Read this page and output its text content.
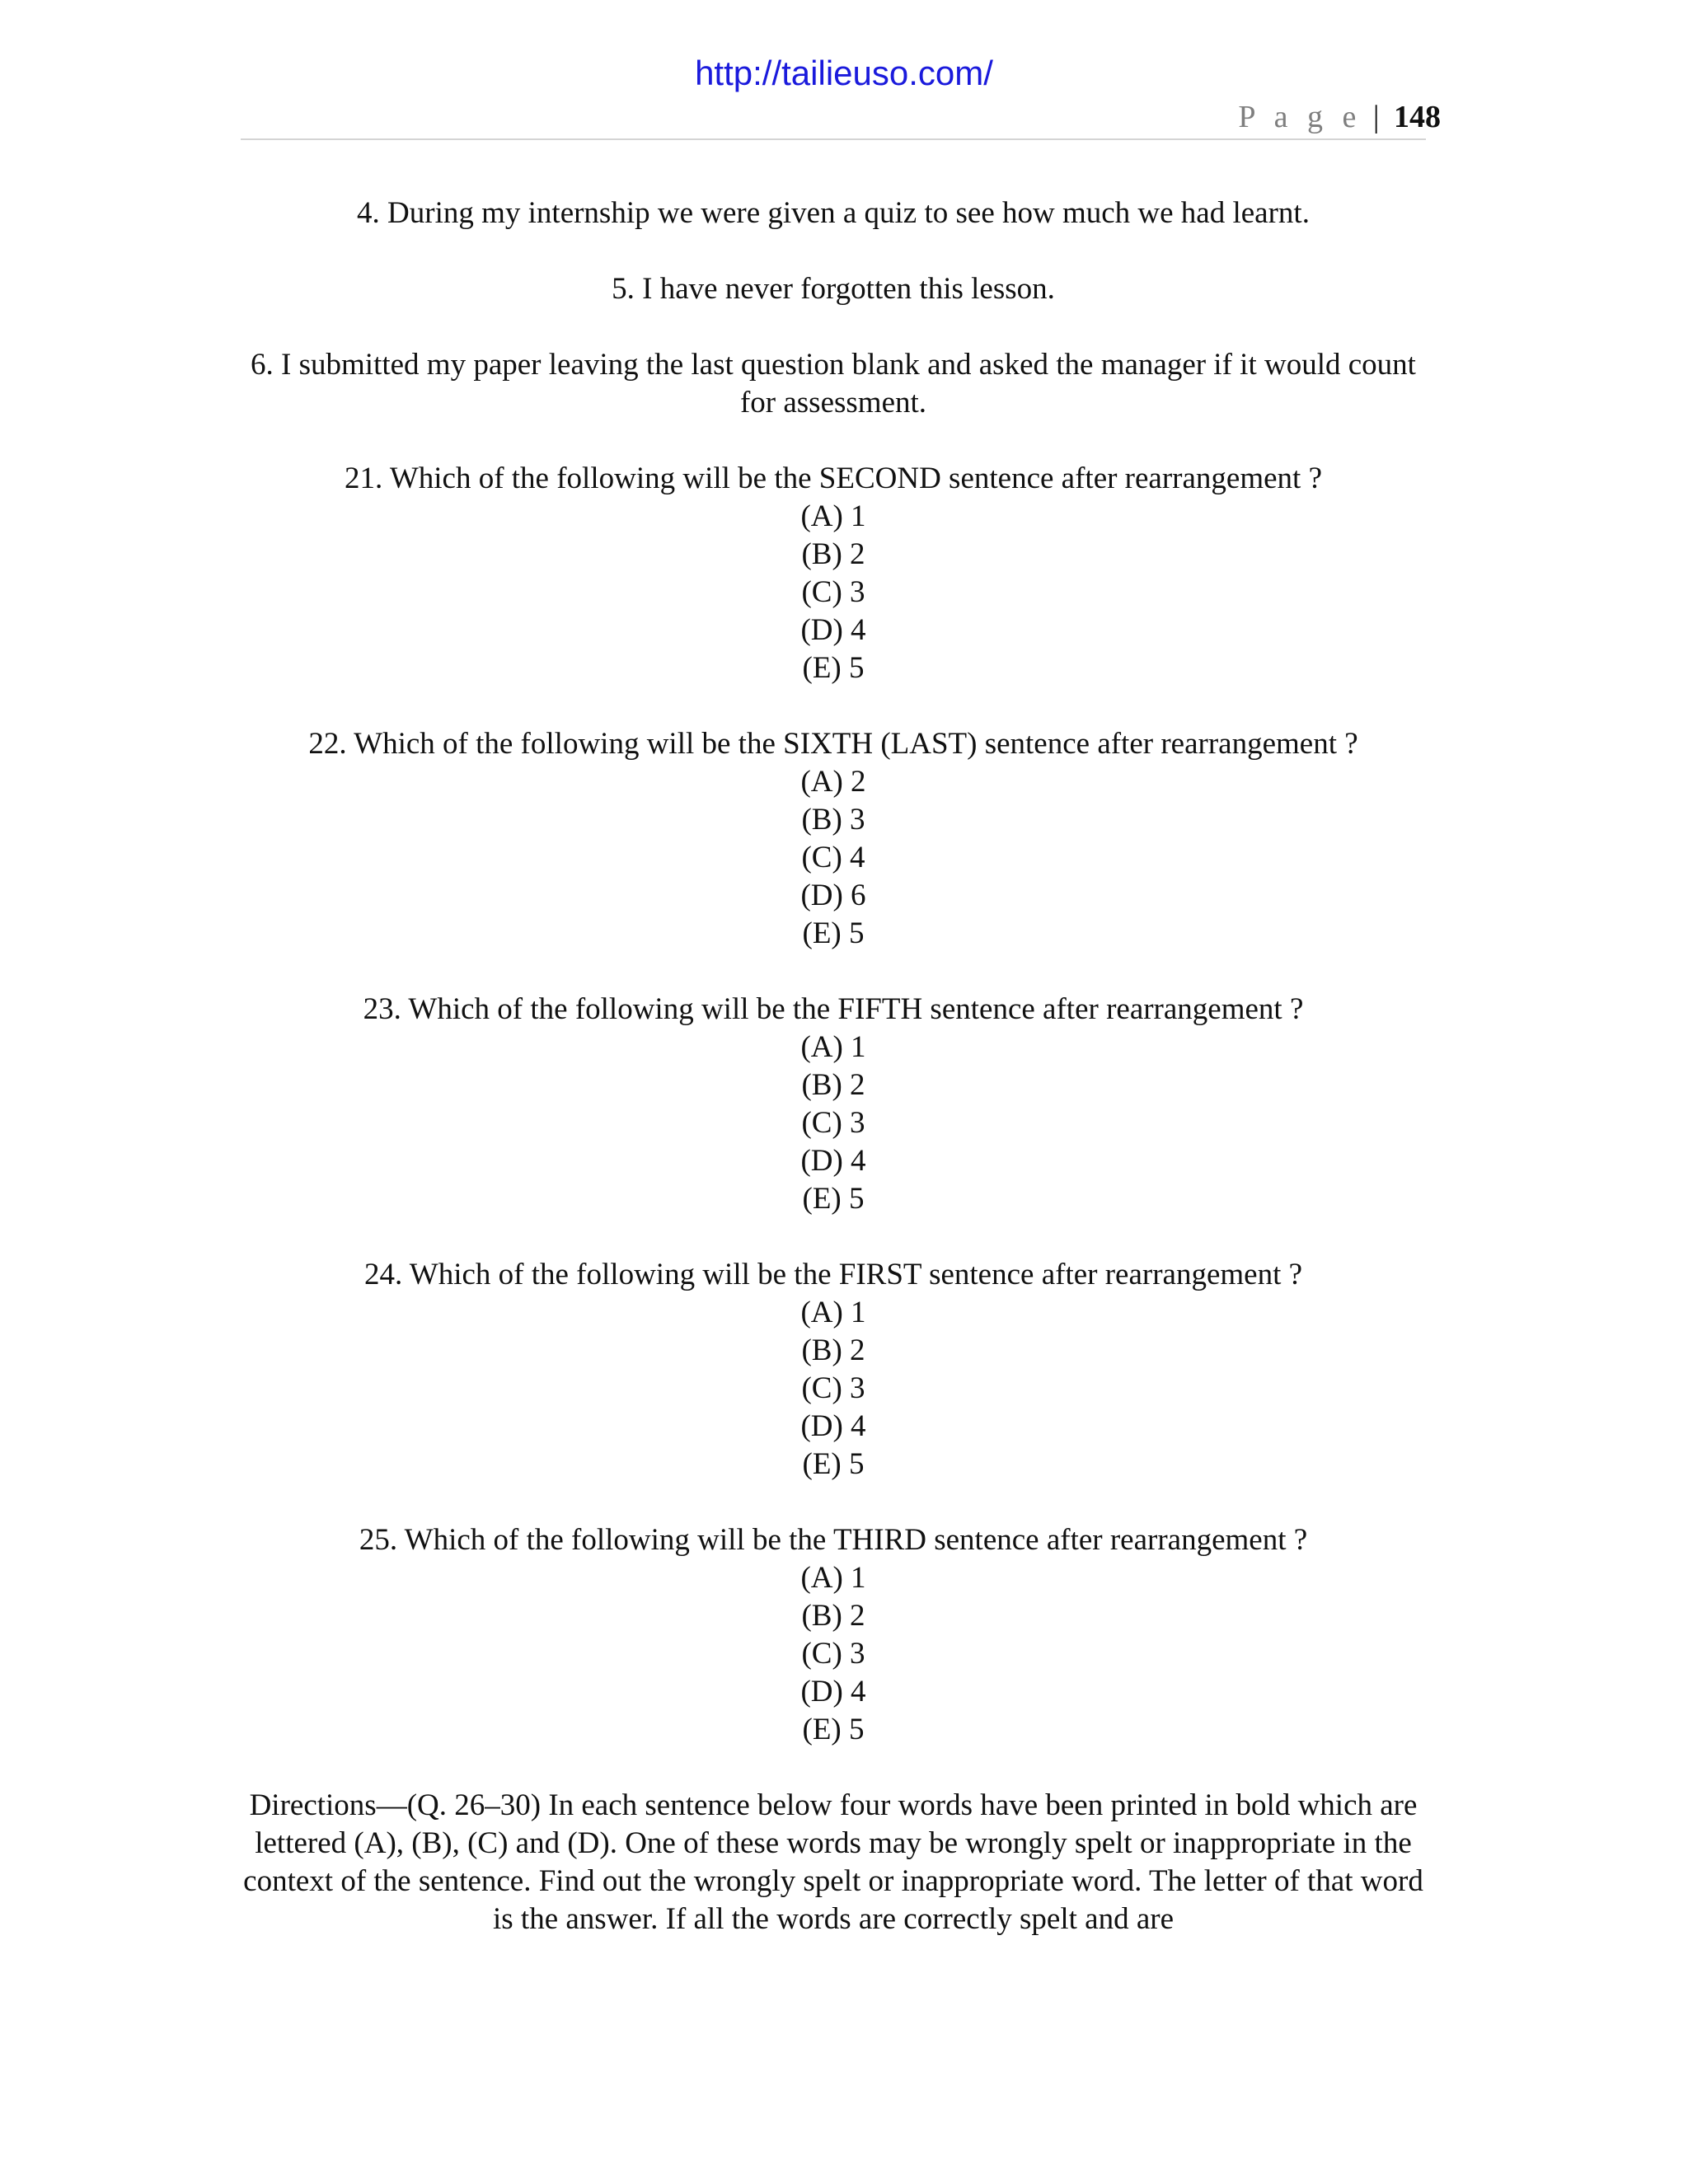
http://tailieuso.com/
P a g e | 148

4. During my internship we were given a quiz to see how much we had learnt.

5. I have never forgotten this lesson.

6. I submitted my paper leaving the last question blank and asked the manager if it would count for assessment.

21. Which of the following will be the SECOND sentence after rearrangement ?

(A) 1

(B) 2

(C) 3

(D) 4

(E) 5

22. Which of the following will be the SIXTH (LAST) sentence after rearrangement ?

(A) 2

(B) 3

(C) 4

(D) 6

(E) 5

23. Which of the following will be the FIFTH sentence after rearrangement ?

(A) 1

(B) 2

(C) 3

(D) 4

(E) 5

24. Which of the following will be the FIRST sentence after rearrangement ?

(A) 1

(B) 2

(C) 3

(D) 4

(E) 5

25. Which of the following will be the THIRD sentence after rearrangement ?

(A) 1

(B) 2

(C) 3

(D) 4

(E) 5

Directions—(Q. 26–30) In each sentence below four words have been printed in bold which are lettered (A), (B), (C) and (D). One of these words may be wrongly spelt or inappropriate in the context of the sentence. Find out the wrongly spelt or inappropriate word. The letter of that word is the answer. If all the words are correctly spelt and are
